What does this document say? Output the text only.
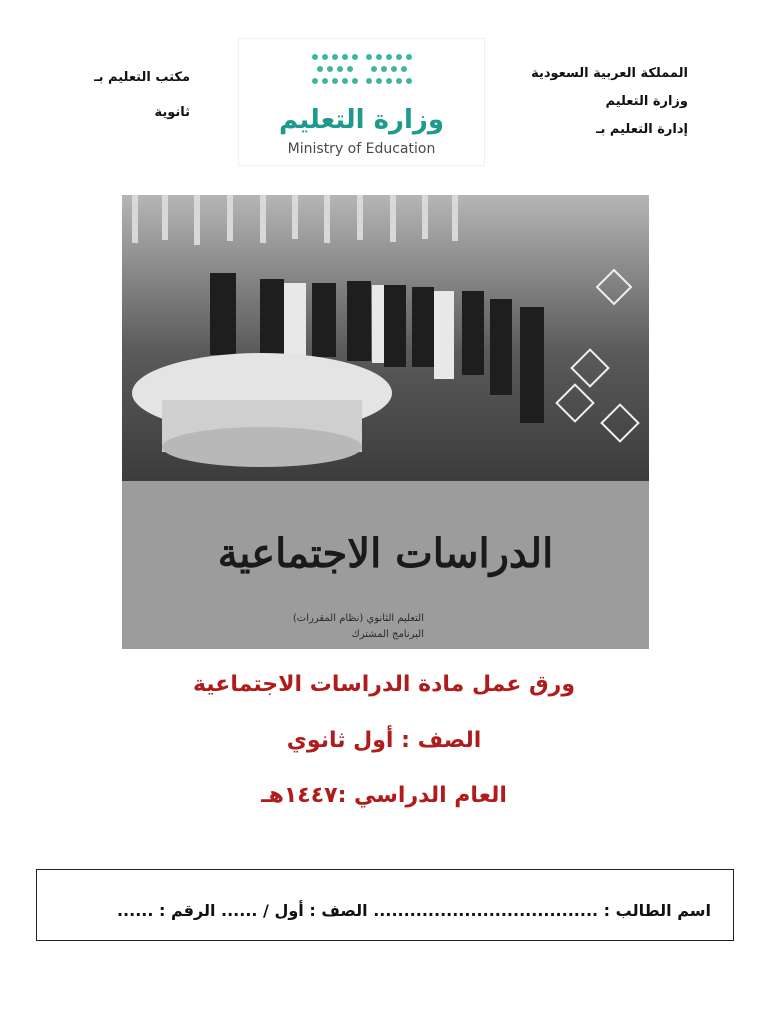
المملكة العربية السعودية
وزارة التعليم
إدارة التعليم بـ
مكتب التعليم بـ
ثانوية	وزارة التعليم
Ministry of Education
الدراسات الاجتماعية
التعليم الثانوي (نظام المقررات)
البرنامج المشترك
ورق عمل مادة الدراسات الاجتماعية
الصف : أول ثانوي
العام الدراسي :١٤٤٧هـ
اسم الطالب : ..................................... الصف : أول / ...... الرقم : ......
